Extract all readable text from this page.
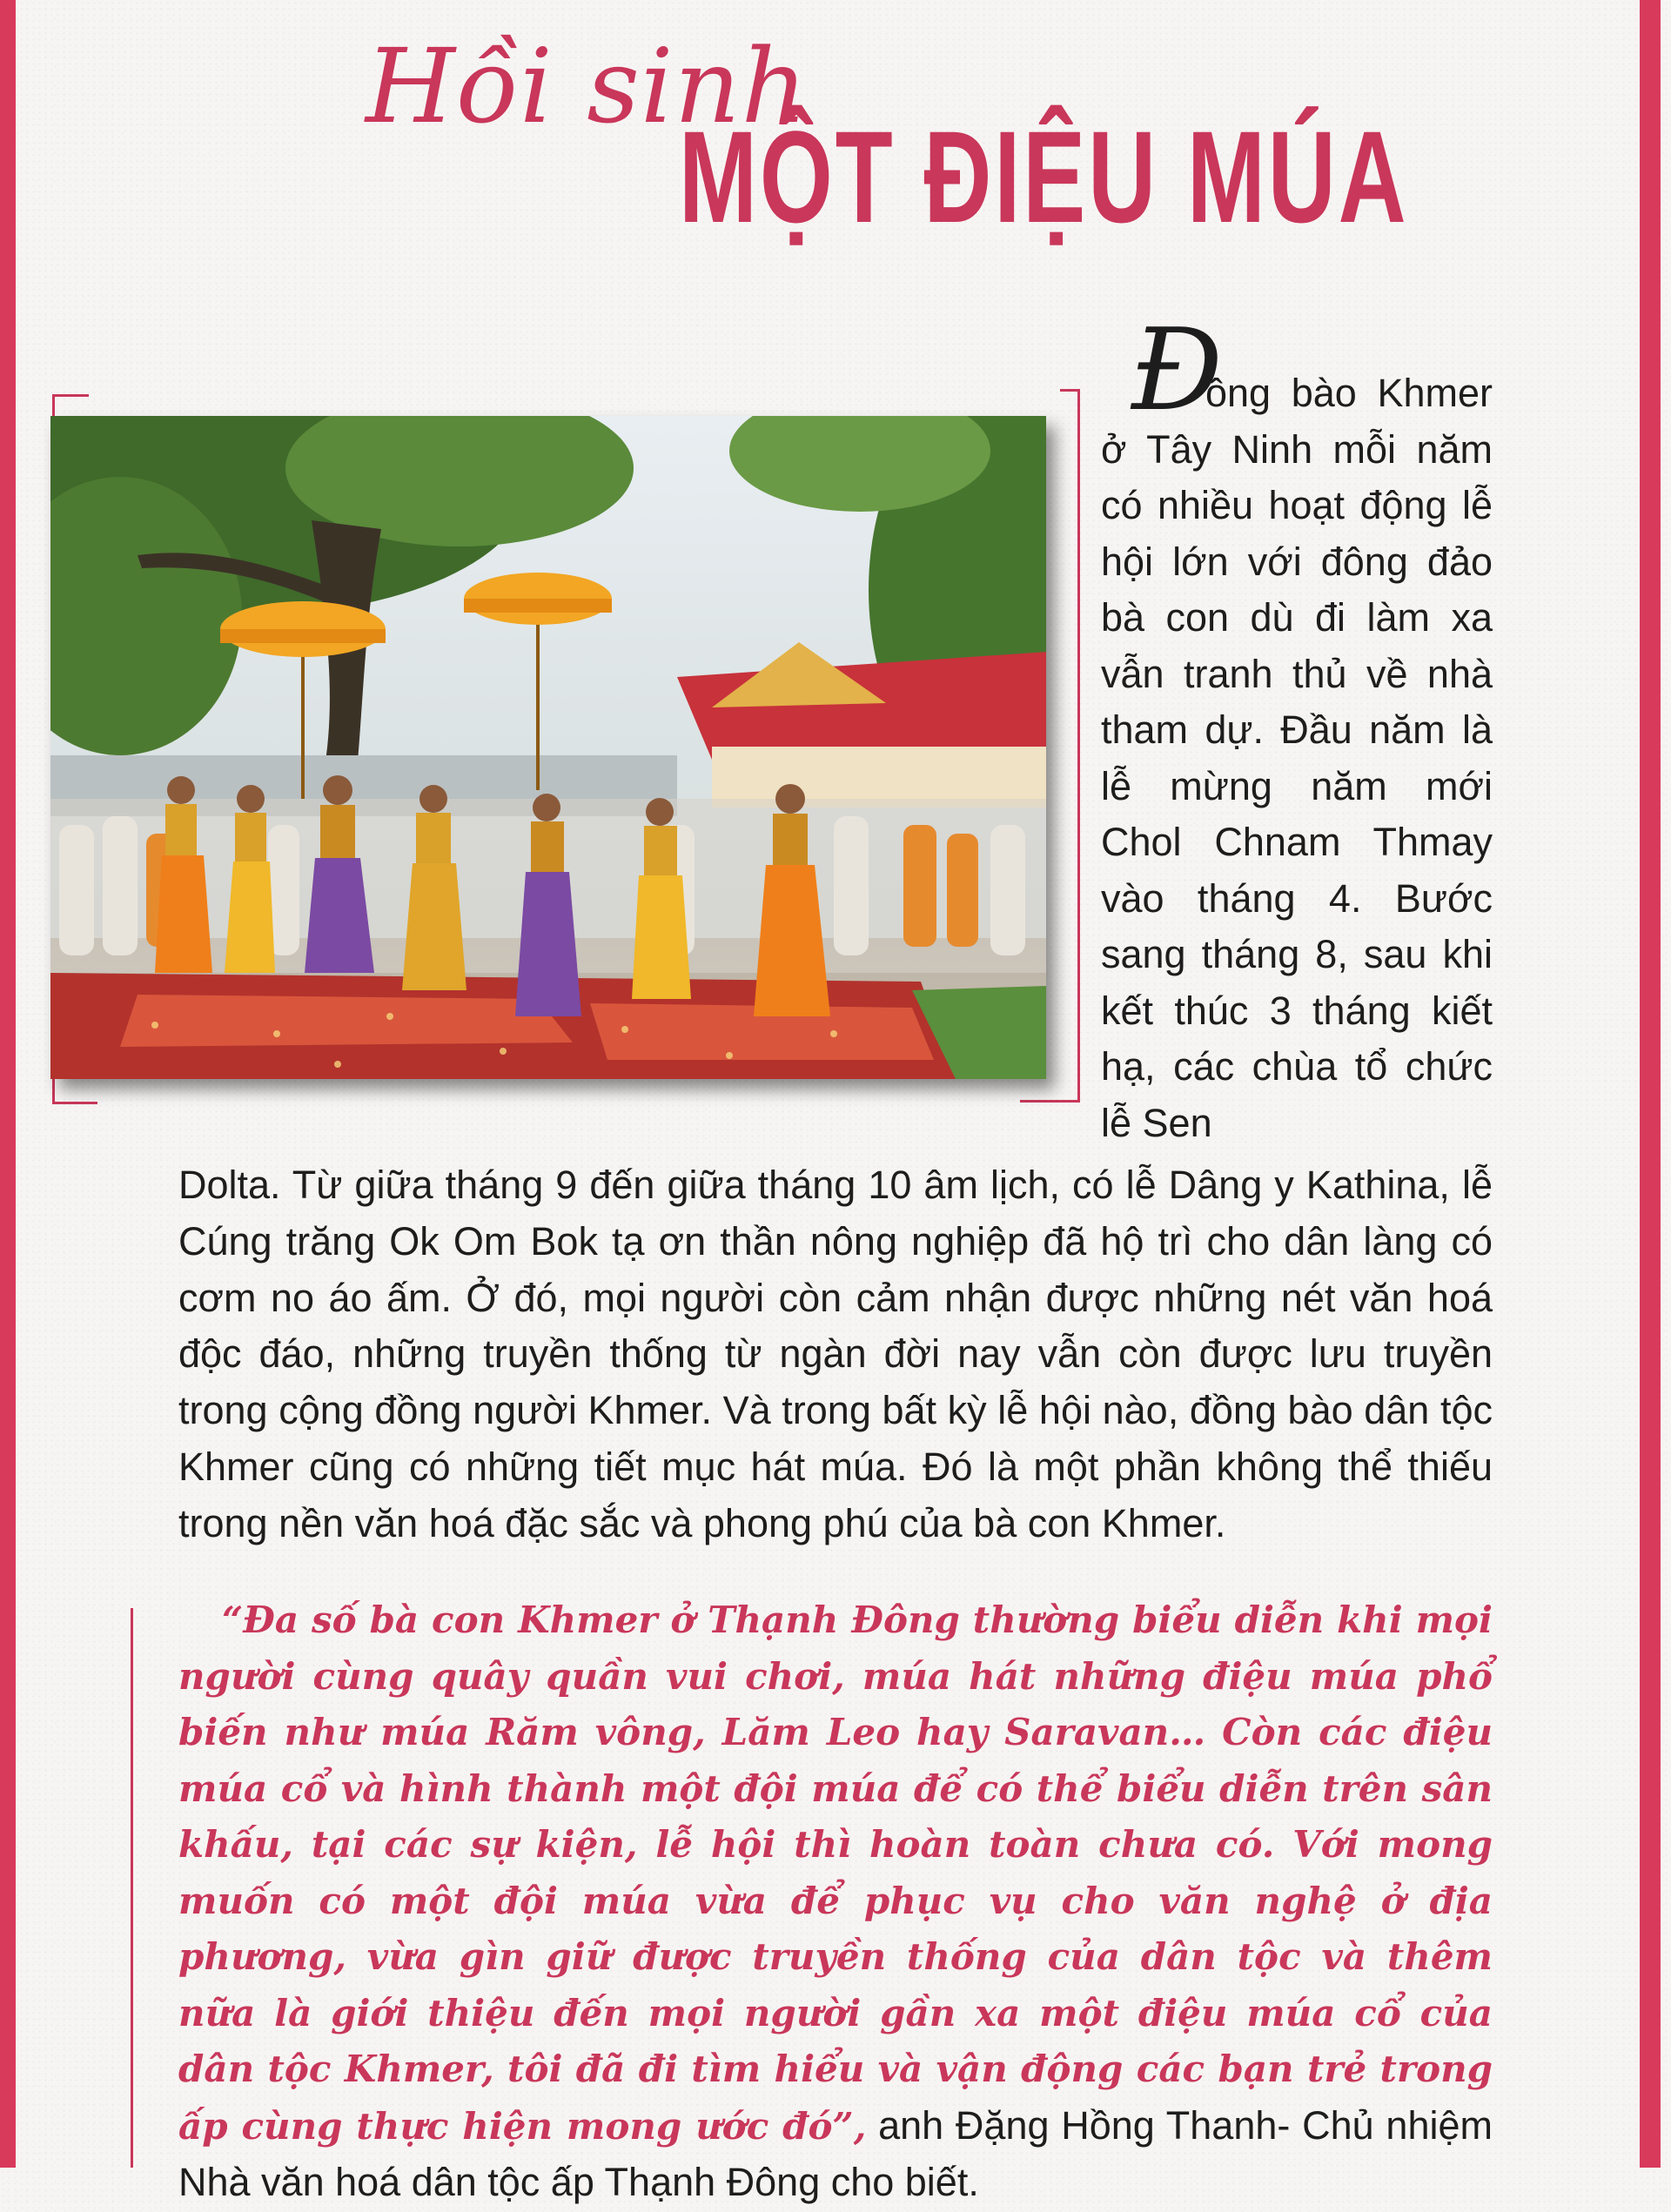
Hồi sinh
MỘT ĐIỆU MÚA
Đ

ồng bào Khmer ở Tây Ninh mỗi năm có nhiều hoạt động lễ hội lớn với đông đảo bà con dù đi làm xa vẫn tranh thủ về nhà tham dự. Đầu năm là lễ mừng năm mới Chol Chnam Thmay vào tháng 4. Bước sang tháng 8, sau khi kết thúc 3 tháng kiết hạ, các chùa tổ chức lễ Sen

Dolta. Từ giữa tháng 9 đến giữa tháng 10 âm lịch, có lễ Dâng y Kathina, lễ Cúng trăng Ok Om Bok tạ ơn thần nông nghiệp đã hộ trì cho dân làng có cơm no áo ấm. Ở đó, mọi người còn cảm nhận được những nét văn hoá độc đáo, những truyền thống từ ngàn đời nay vẫn còn được lưu truyền trong cộng đồng người Khmer. Và trong bất kỳ lễ hội nào, đồng bào dân tộc Khmer cũng có những tiết mục hát múa. Đó là một phần không thể thiếu trong nền văn hoá đặc sắc và phong phú của bà con Khmer.

“Đa số bà con Khmer ở Thạnh Đông thường biểu diễn khi mọi người cùng quây quần vui chơi, múa hát những điệu múa phổ biến như múa Răm vông, Lăm Leo hay Saravan… Còn các điệu múa cổ và hình thành một đội múa để có thể biểu diễn trên sân khấu, tại các sự kiện, lễ hội thì hoàn toàn chưa có. Với mong muốn có một đội múa vừa để phục vụ cho văn nghệ ở địa phương, vừa gìn giữ được truyền thống của dân tộc và thêm nữa là giới thiệu đến mọi người gần xa một điệu múa cổ của dân tộc Khmer, tôi đã đi tìm hiểu và vận động các bạn trẻ trong ấp cùng thực hiện mong ước đó”, anh Đặng Hồng Thanh- Chủ nhiệm Nhà văn hoá dân tộc ấp Thạnh Đông cho biết.
